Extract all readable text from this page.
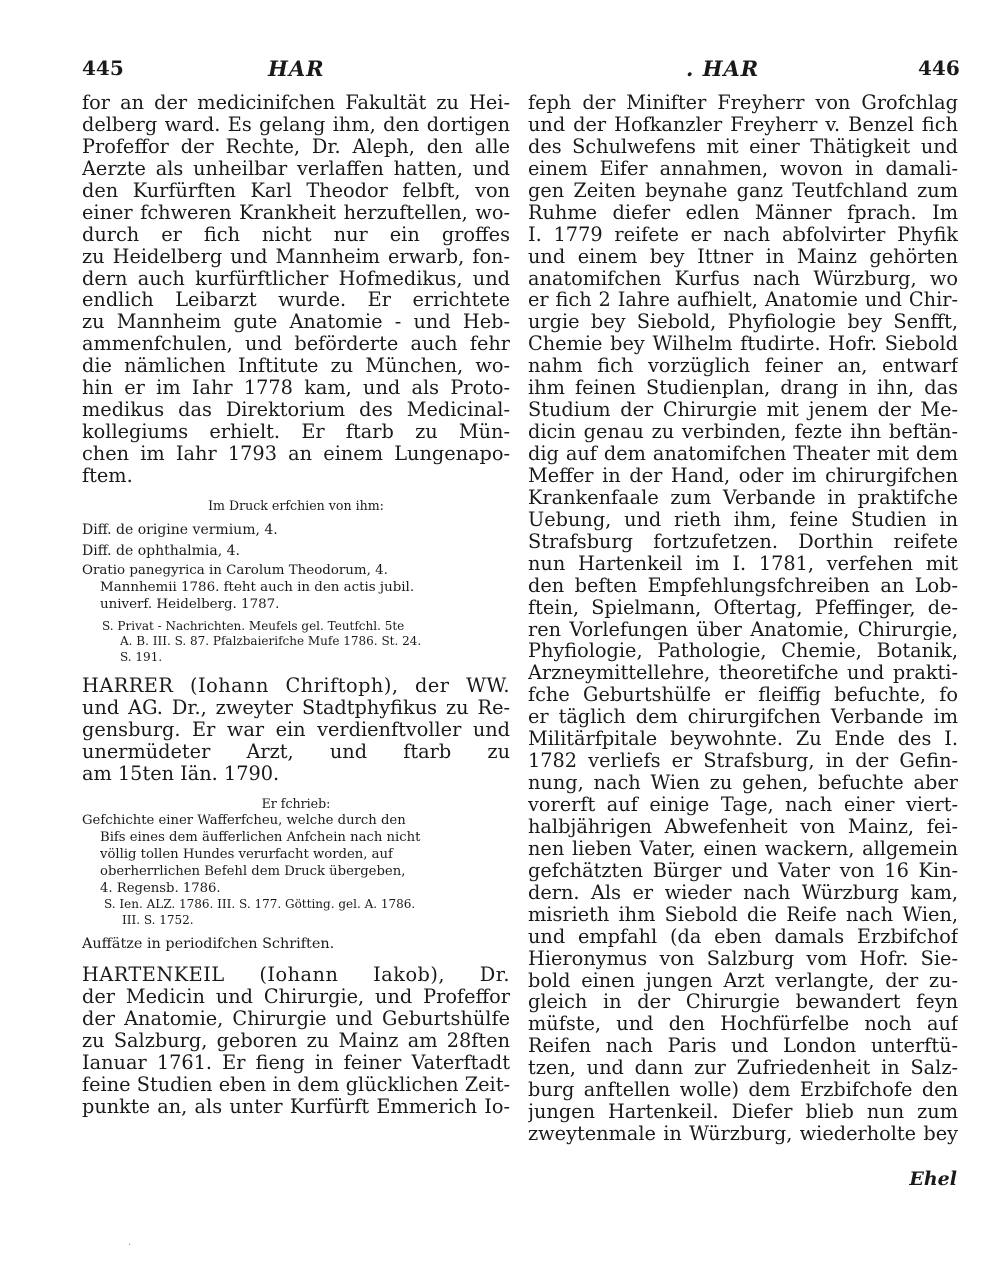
445	HAR	. HAR	446
for an der medicinifchen Fakultät zu Hei-
delberg ward. Es gelang ihm, den dortigen
Profeffor der Rechte, Dr. Aleph, den alle
Aerzte als unheilbar verlaffen hatten, und
den Kurfürften Karl Theodor felbft, von
einer fchweren Krankheit herzuftellen, wo-
durch er fich nicht nur ein groffes
zu Heidelberg und Mannheim erwarb, fon-
dern auch kurfürftlicher Hofmedikus, und
endlich Leibarzt wurde. Er errichtete
zu Mannheim gute Anatomie - und Heb-
ammenfchulen, und beförderte auch fehr
die nämlichen Inftitute zu München, wo-
hin er im Iahr 1778 kam, und als Proto-
medikus das Direktorium des Medicinal-
kollegiums erhielt. Er ftarb zu Mün-
chen im Iahr 1793 an einem Lungenapo-
ftem.
Im Druck erfchien von ihm:
Diff. de origine vermium, 4.
Diff. de ophthalmia, 4.
Oratio panegyrica in Carolum Theodorum, 4.
Mannhemii 1786. fteht auch in den actis jubil.
univerf. Heidelberg. 1787.
S. Privat - Nachrichten. Meufels gel. Teutfchl. 5te
A. B. III. S. 87. Pfalzbaierifche Mufe 1786. St. 24.
S. 191.
HARRER (Iohann Chriftoph), der WW.
und AG. Dr., zweyter Stadtphyfikus zu Re-
gensburg. Er war ein verdienftvoller und
unermüdeter Arzt, und ftarb zu
am 15ten Iän. 1790.
Er fchrieb:
Gefchichte einer Wafferfcheu, welche durch den
Bifs eines dem äufferlichen Anfchein nach nicht
völlig tollen Hundes verurfacht worden, auf
oberherrlichen Befehl dem Druck übergeben,
4. Regensb. 1786.
S. Ien. ALZ. 1786. III. S. 177. Götting. gel. A. 1786.
III. S. 1752.
Auffätze in periodifchen Schriften.
HARTENKEIL (Iohann Iakob), Dr.
der Medicin und Chirurgie, und Profeffor
der Anatomie, Chirurgie und Geburtshülfe
zu Salzburg, geboren zu Mainz am 28ften
Ianuar 1761. Er fieng in feiner Vaterftadt
feine Studien eben in dem glücklichen Zeit-
punkte an, als unter Kurfürft Emmerich Io-
feph der Minifter Freyherr von Grofchlag
und der Hofkanzler Freyherr v. Benzel fich
des Schulwefens mit einer Thätigkeit und
einem Eifer annahmen, wovon in damali-
gen Zeiten beynahe ganz Teutfchland zum
Ruhme diefer edlen Männer fprach. Im
I. 1779 reifete er nach abfolvirter Phyfik
und einem bey Ittner in Mainz gehörten
anatomifchen Kurfus nach Würzburg, wo
er fich 2 Iahre aufhielt, Anatomie und Chir-
urgie bey Siebold, Phyfiologie bey Senfft,
Chemie bey Wilhelm ftudirte. Hofr. Siebold
nahm fich vorzüglich feiner an, entwarf
ihm feinen Studienplan, drang in ihn, das
Studium der Chirurgie mit jenem der Me-
dicin genau zu verbinden, fezte ihn beftän-
dig auf dem anatomifchen Theater mit dem
Meffer in der Hand, oder im chirurgifchen
Krankenfaale zum Verbande in praktifche
Uebung, und rieth ihm, feine Studien in
Strafsburg fortzufetzen. Dorthin reifete
nun Hartenkeil im I. 1781, verfehen mit
den beften Empfehlungsfchreiben an Lob-
ftein, Spielmann, Oftertag, Pfeffinger, de-
ren Vorlefungen über Anatomie, Chirurgie,
Phyfiologie, Pathologie, Chemie, Botanik,
Arzneymittellehre, theoretifche und prakti-
fche Geburtshülfe er fleiffig befuchte, fo
er täglich dem chirurgifchen Verbande im
Militärfpitale beywohnte. Zu Ende des I.
1782 verliefs er Strafsburg, in der Gefin-
nung, nach Wien zu gehen, befuchte aber
vorerft auf einige Tage, nach einer viert-
halbjährigen Abwefenheit von Mainz, fei-
nen lieben Vater, einen wackern, allgemein
gefchätzten Bürger und Vater von 16 Kin-
dern. Als er wieder nach Würzburg kam,
misrieth ihm Siebold die Reife nach Wien,
und empfahl (da eben damals Erzbifchof
Hieronymus von Salzburg vom Hofr. Sie-
bold einen jungen Arzt verlangte, der zu-
gleich in der Chirurgie bewandert feyn
müfste, und den Hochfürfelbe noch auf
Reifen nach Paris und London unterftü-
tzen, und dann zur Zufriedenheit in Salz-
burg anftellen wolle) dem Erzbifchofe den
jungen Hartenkeil. Diefer blieb nun zum
zweytenmale in Würzburg, wiederholte bey
Ehel
·
